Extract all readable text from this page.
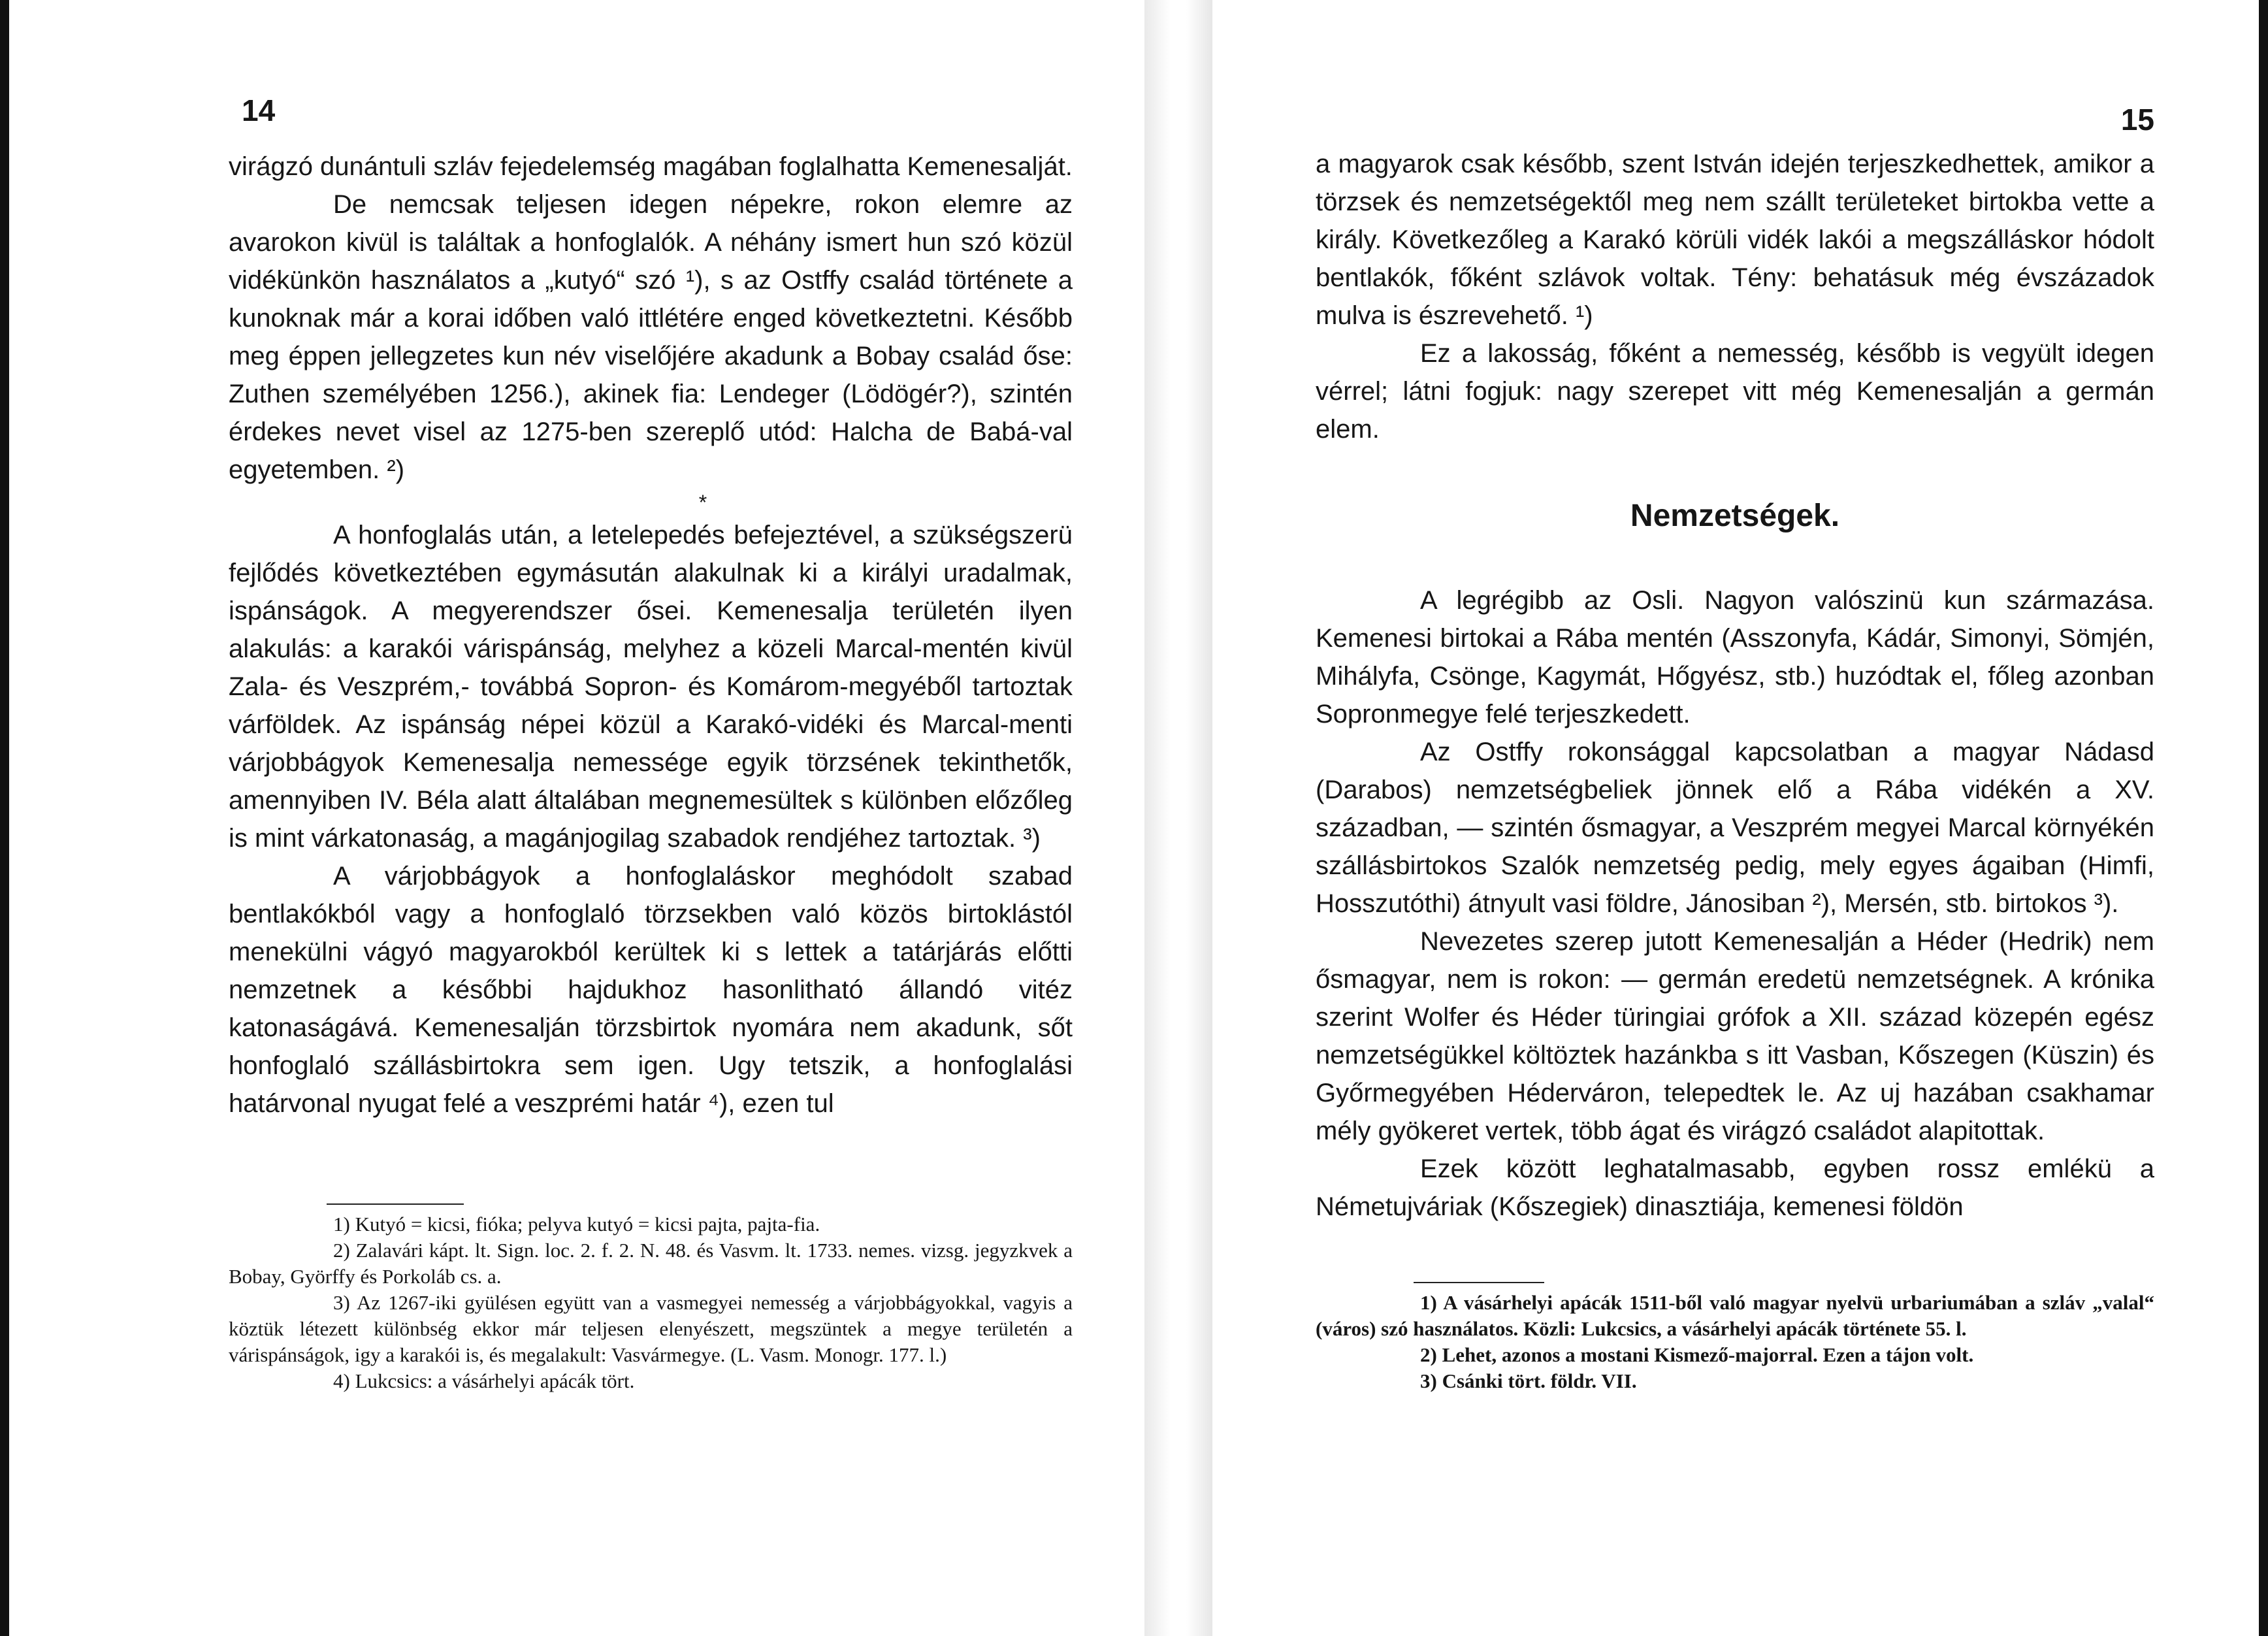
14

virágzó dunántuli szláv fejedelemség magában foglalhatta Kemenesalját.

De nemcsak teljesen idegen népekre, rokon elemre az avarokon kivül is találtak a honfoglalók. A néhány ismert hun szó közül vidékünkön használatos a „kutyó“ szó ¹), s az Ostffy család története a kunoknak már a korai időben való ittlétére enged következtetni. Később meg éppen jellegzetes kun név viselőjére akadunk a Bobay család őse: Zuthen személyében 1256.), akinek fia: Lendeger (Lödögér?), szintén érdekes nevet visel az 1275-ben szereplő utód: Halcha de Babá-val egyetemben. ²)

*

A honfoglalás után, a letelepedés befejeztével, a szükségszerü fejlődés következtében egymásután alakulnak ki a királyi uradalmak, ispánságok. A megyerendszer ősei. Kemenesalja területén ilyen alakulás: a karakói várispánság, melyhez a közeli Marcal-mentén kivül Zala- és Veszprém,- továbbá Sopron- és Komárom-megyéből tartoztak várföldek. Az ispánság népei közül a Karakó-vidéki és Marcal-menti várjobbágyok Kemenesalja nemessége egyik törzsének tekinthetők, amennyiben IV. Béla alatt általában megnemesültek s különben előzőleg is mint várkatonaság, a magánjogilag szabadok rendjéhez tartoztak. ³)

A várjobbágyok a honfoglaláskor meghódolt szabad bentlakókból vagy a honfoglaló törzsekben való közös birtoklástól menekülni vágyó magyarokból kerültek ki s lettek a tatárjárás előtti nemzetnek a későbbi hajdukhoz hasonlitható állandó vitéz katonaságává. Kemenesalján törzsbirtok nyomára nem akadunk, sőt honfoglaló szállásbirtokra sem igen. Ugy tetszik, a honfoglalási határvonal nyugat felé a veszprémi határ ⁴), ezen tul

1) Kutyó = kicsi, fióka; pelyva kutyó = kicsi pajta, pajta-fia.

2) Zalavári kápt. lt. Sign. loc. 2. f. 2. N. 48. és Vasvm. lt. 1733. nemes. vizsg. jegyzkvek a Bobay, Györffy és Porkoláb cs. a.

3) Az 1267-iki gyülésen együtt van a vasmegyei nemesség a várjobbágyokkal, vagyis a köztük létezett különbség ekkor már teljesen elenyészett, megszüntek a megye területén a várispánságok, igy a karakói is, és megalakult: Vasvármegye. (L. Vasm. Monogr. 177. l.)

4) Lukcsics: a vásárhelyi apácák tört.

15

a magyarok csak később, szent István idején terjeszkedhettek, amikor a törzsek és nemzetségektől meg nem szállt területeket birtokba vette a király. Következőleg a Karakó körüli vidék lakói a megszálláskor hódolt bentlakók, főként szlávok voltak. Tény: behatásuk még évszázadok mulva is észrevehető. ¹)

Ez a lakosság, főként a nemesség, később is vegyült idegen vérrel; látni fogjuk: nagy szerepet vitt még Kemenesalján a germán elem.

Nemzetségek.

A legrégibb az Osli. Nagyon valószinü kun származása. Kemenesi birtokai a Rába mentén (Asszonyfa, Kádár, Simonyi, Sömjén, Mihályfa, Csönge, Kagymát, Hőgyész, stb.) huzódtak el, főleg azonban Sopronmegye felé terjeszkedett.

Az Ostffy rokonsággal kapcsolatban a magyar Nádasd (Darabos) nemzetségbeliek jönnek elő a Rába vidékén a XV. században, — szintén ősmagyar, a Veszprém megyei Marcal környékén szállásbirtokos Szalók nemzetség pedig, mely egyes ágaiban (Himfi, Hosszutóthi) átnyult vasi földre, Jánosiban ²), Mersén, stb. birtokos ³).

Nevezetes szerep jutott Kemenesalján a Héder (Hedrik) nem ősmagyar, nem is rokon: — germán eredetü nemzetségnek. A krónika szerint Wolfer és Héder türingiai grófok a XII. század közepén egész nemzetségükkel költöztek hazánkba s itt Vasban, Kőszegen (Küszin) és Győrmegyében Héderváron, telepedtek le. Az uj hazában csakhamar mély gyökeret vertek, több ágat és virágzó családot alapitottak.

Ezek között leghatalmasabb, egyben rossz emlékü a Németujváriak (Kőszegiek) dinasztiája, kemenesi földön

1) A vásárhelyi apácák 1511-ből való magyar nyelvü urbariumában a szláv „valal“ (város) szó használatos. Közli: Lukcsics, a vásárhelyi apácák története 55. l.

2) Lehet, azonos a mostani Kismező-majorral. Ezen a tájon volt.

3) Csánki tört. földr. VII.
